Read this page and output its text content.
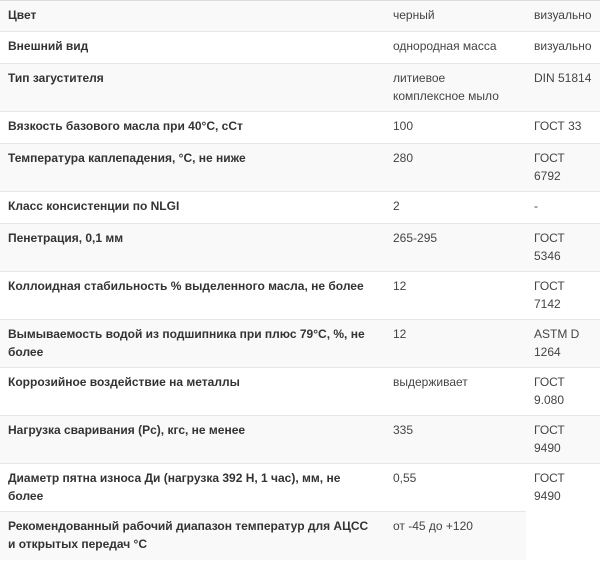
Цвет	черный	визуально
Внешний вид	однородная масса	визуально
Тип загустителя	литиевое комплексное мыло	DIN 51814
Вязкость базового масла при 40°С, сСт	100	ГОСТ 33
Температура каплепадения, °С, не ниже	280	ГОСТ 6792
Класс консистенции по NLGI	2	-
Пенетрация, 0,1 мм	265-295	ГОСТ 5346
Коллоидная стабильность % выделенного масла, не более	12	ГОСТ 7142
Вымываемость водой из подшипника при плюс 79°С, %, не более	12	ASTM D 1264
Коррозийное воздействие на металлы	выдерживает	ГОСТ 9.080
Нагрузка сваривания (Рс), кгс, не менее	335	ГОСТ 9490
Диаметр пятна износа Ди (нагрузка 392 Н, 1 час), мм, не более	0,55	ГОСТ 9490
Рекомендованный рабочий диапазон температур для АЦСС и открытых передач °С	от -45 до +120	
